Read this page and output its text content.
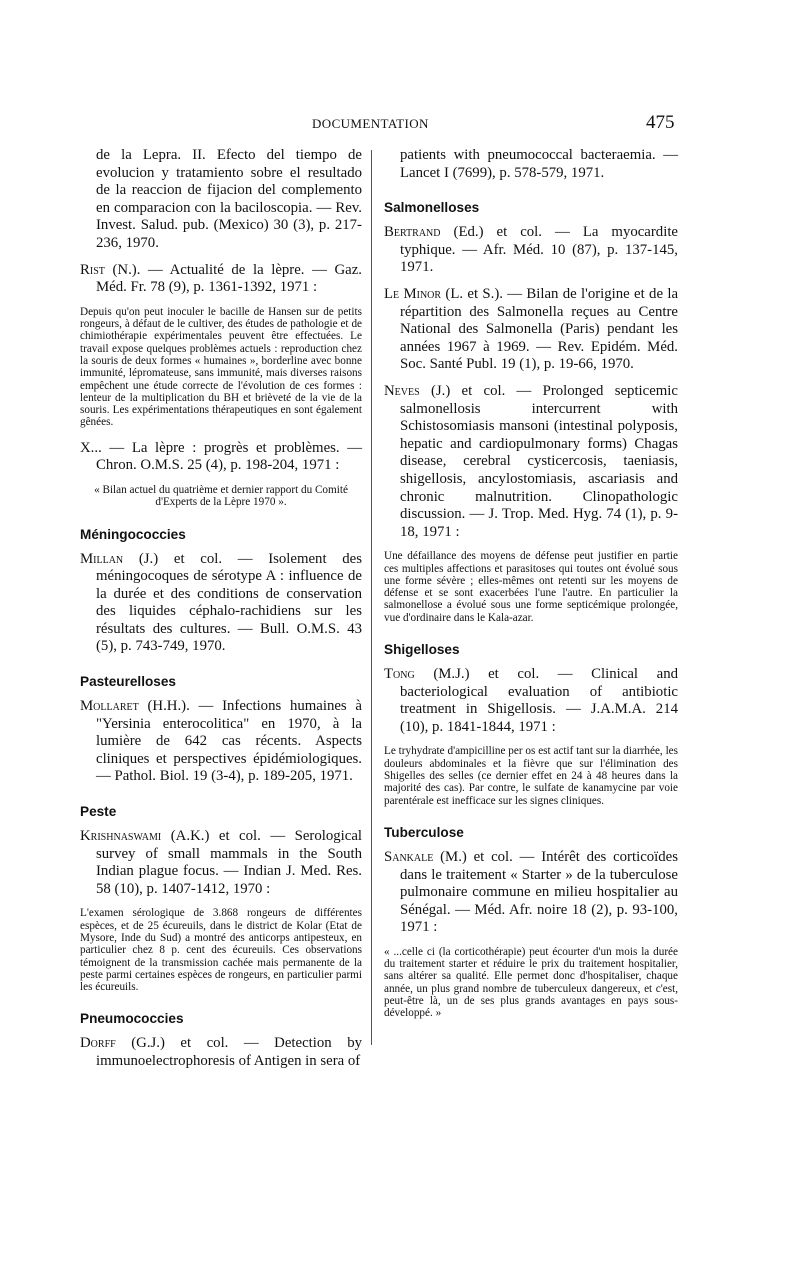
DOCUMENTATION	475

de la Lepra. II. Efecto del tiempo de evolucion y tratamiento sobre el resultado de la reaccion de fijacion del complemento en comparacion con la baciloscopia. — Rev. Invest. Salud. pub. (Mexico) 30 (3), p. 217-236, 1970.

Rist (N.). — Actualité de la lèpre. — Gaz. Méd. Fr. 78 (9), p. 1361-1392, 1971 :

Depuis qu'on peut inoculer le bacille de Hansen sur de petits rongeurs, à défaut de le cultiver, des études de pathologie et de chimiothérapie expérimentales peuvent être effectuées. Le travail expose quelques problèmes actuels : reproduction chez la souris de deux formes « humaines », borderline avec bonne immunité, lépromateuse, sans immunité, mais diverses raisons empêchent une étude correcte de l'évolution de ces formes : lenteur de la multiplication du BH et brièveté de la vie de la souris. Les expérimentations thérapeutiques en sont également gênées.

X... — La lèpre : progrès et problèmes. — Chron. O.M.S. 25 (4), p. 198-204, 1971 :

« Bilan actuel du quatrième et dernier rapport du Comité d'Experts de la Lèpre 1970 ».

Méningococcies
Millan (J.) et col. — Isolement des méningocoques de sérotype A : influence de la durée et des conditions de conservation des liquides céphalo-rachidiens sur les résultats des cultures. — Bull. O.M.S. 43 (5), p. 743-749, 1970.
Pasteurelloses
Mollaret (H.H.). — Infections humaines à "Yersinia enterocolitica" en 1970, à la lumière de 642 cas récents. Aspects cliniques et perspectives épidémiologiques. — Pathol. Biol. 19 (3-4), p. 189-205, 1971.
Peste
Krishnaswami (A.K.) et col. — Serological survey of small mammals in the South Indian plague focus. — Indian J. Med. Res. 58 (10), p. 1407-1412, 1970 :

L'examen sérologique de 3.868 rongeurs de différentes espèces, et de 25 écureuils, dans le district de Kolar (Etat de Mysore, Inde du Sud) a montré des anticorps antipesteux, en particulier chez 8 p. cent des écureuils. Ces observations témoignent de la transmission cachée mais permanente de la peste parmi certaines espèces de rongeurs, en particulier parmi les écureuils.

Pneumococcies
Dorff (G.J.) et col. — Detection by immunoelectrophoresis of Antigen in sera of

patients with pneumococcal bacteraemia. — Lancet I (7699), p. 578-579, 1971.

Salmonelloses
Bertrand (Ed.) et col. — La myocardite typhique. — Afr. Méd. 10 (87), p. 137-145, 1971.
Le Minor (L. et S.). — Bilan de l'origine et de la répartition des Salmonella reçues au Centre National des Salmonella (Paris) pendant les années 1967 à 1969. — Rev. Epidém. Méd. Soc. Santé Publ. 19 (1), p. 19-66, 1970.
Neves (J.) et col. — Prolonged septicemic salmonellosis intercurrent with Schistosomiasis mansoni (intestinal polyposis, hepatic and cardiopulmonary forms) Chagas disease, cerebral cysticercosis, taeniasis, shigellosis, ancylostomiasis, ascariasis and chronic malnutrition. Clinopathologic discussion. — J. Trop. Med. Hyg. 74 (1), p. 9-18, 1971 :

Une défaillance des moyens de défense peut justifier en partie ces multiples affections et parasitoses qui toutes ont évolué sous une forme sévère ; elles-mêmes ont retenti sur les moyens de défense et se sont exacerbées l'une l'autre. En particulier la salmonellose a évolué sous une forme septicémique prolongée, vue d'ordinaire dans le Kala-azar.

Shigelloses
Tong (M.J.) et col. — Clinical and bacteriological evaluation of antibiotic treatment in Shigellosis. — J.A.M.A. 214 (10), p. 1841-1844, 1971 :

Le tryhydrate d'ampicilline per os est actif tant sur la diarrhée, les douleurs abdominales et la fièvre que sur l'élimination des Shigelles des selles (ce dernier effet en 24 à 48 heures dans la majorité des cas). Par contre, le sulfate de kanamycine par voie parentérale est inefficace sur les signes cliniques.

Tuberculose
Sankale (M.) et col. — Intérêt des corticoïdes dans le traitement « Starter » de la tuberculose pulmonaire commune en milieu hospitalier au Sénégal. — Méd. Afr. noire 18 (2), p. 93-100, 1971 :

« ...celle ci (la corticothérapie) peut écourter d'un mois la durée du traitement starter et réduire le prix du traitement hospitalier, sans altérer sa qualité. Elle permet donc d'hospitaliser, chaque année, un plus grand nombre de tuberculeux dangereux, et c'est, peut-être là, un de ses plus grands avantages en pays sous-développé. »
